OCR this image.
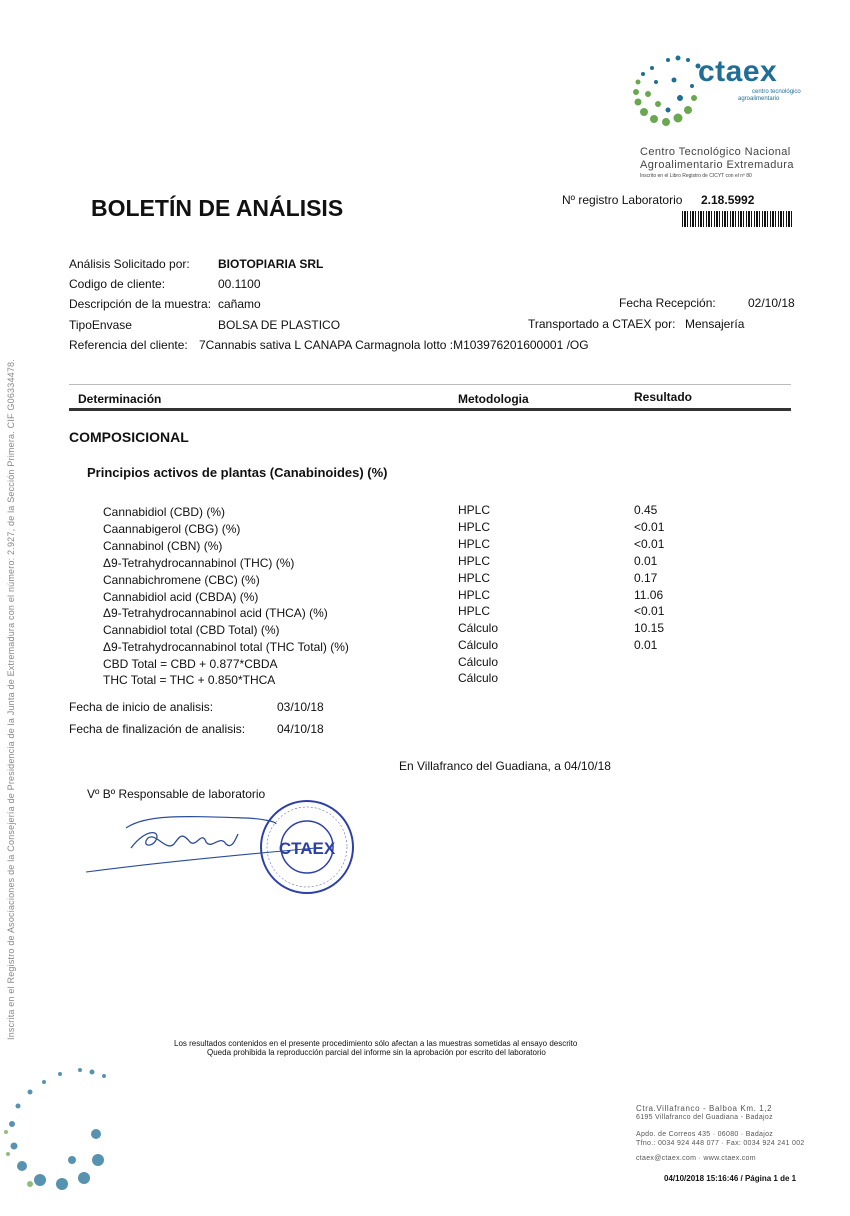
ctaex
centro tecnológico
agroalimentario
Centro Tecnológico Nacional
Agroalimentario Extremadura
Inscrito en el Libro Registro de CICYT con el nº 80
BOLETÍN DE ANÁLISIS	Nº registro Laboratorio 2.18.5992
Análisis Solicitado por: BIOTOPIARIA SRL
Codigo de cliente:	00.1100
Descripción de la muestra: cañamo	Fecha Recepción:	02/10/18
TipoEnvase	BOLSA DE PLASTICO	Transportado a CTAEX por: Mensajería
Referencia del cliente: 7Cannabis sativa L CANAPA Carmagnola lotto :M103976201600001 /OG
Determinación	Metodologia	Resultado
COMPOSICIONAL
Principios activos de plantas (Canabinoides) (%)
Cannabidiol (CBD) (%)	HPLC	0.45
Caannabigerol (CBG) (%)	HPLC	<0.01
Cannabinol (CBN) (%)	HPLC	<0.01
Δ9-Tetrahydrocannabinol (THC) (%)	HPLC	0.01
Cannabichromene (CBC) (%)	HPLC	0.17
Cannabidiol acid (CBDA) (%)	HPLC	11.06
Δ9-Tetrahydrocannabinol acid (THCA) (%)	HPLC	<0.01
Cannabidiol total (CBD Total) (%)	Cálculo	10.15
Δ9-Tetrahydrocannabinol total (THC Total) (%)	Cálculo	0.01
CBD Total = CBD + 0.877*CBDA	Cálculo
THC Total = THC + 0.850*THCA	Cálculo
Fecha de inicio de analisis:	03/10/18
Fecha de finalización de analisis:	04/10/18
En Villafranco del Guadiana, a 04/10/18
Vº Bº Responsable de laboratorio
CTAEX
Inscrita en el Registro de Asociaciones de la Consejería de Presidencia de la Junta de Extremadura con el número: 2.927, de la Sección Primera. CIF G06334478.
Los resultados contenidos en el presente procedimiento sólo afectan a las muestras sometidas al ensayo descrito
Queda prohibida la reproducción parcial del informe sin la aprobación por escrito del laboratorio
Ctra.Villafranco - Balboa Km. 1,2
6195 Villafranco del Guadiana - Badajoz
Apdo. de Correos 435 · 06080 · Badajoz
Tfno.: 0034 924 448 077 · Fax: 0034 924 241 002
ctaex@ctaex.com · www.ctaex.com
04/10/2018 15:16:46 / Página 1 de 1
